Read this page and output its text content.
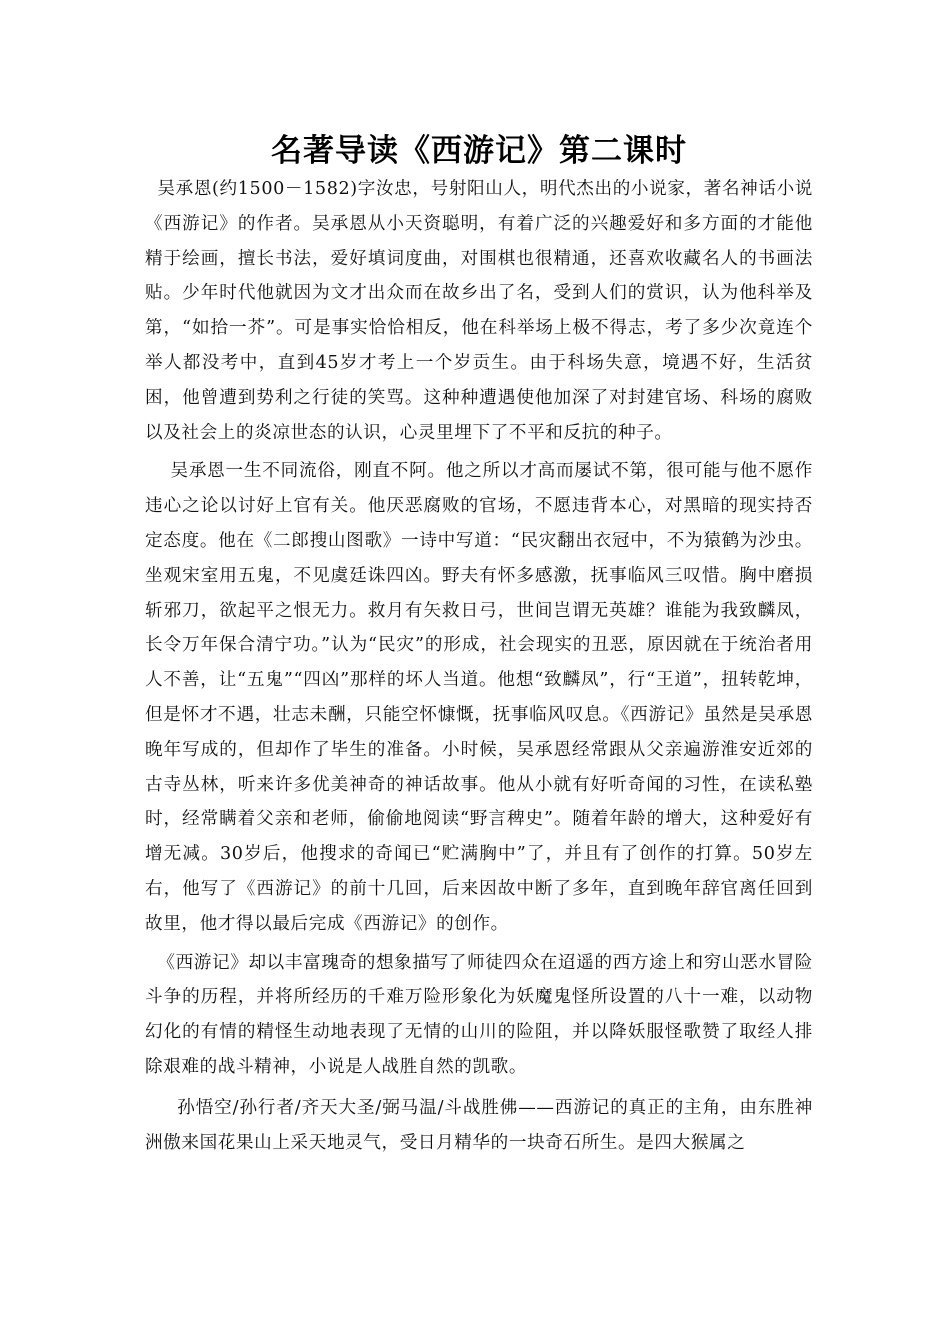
名著导读《西游记》第二课时

吴承恩(约1500－1582)字汝忠，号射阳山人，明代杰出的小说家，著名神话小说《西游记》的作者。吴承恩从小天资聪明，有着广泛的兴趣爱好和多方面的才能他精于绘画，擅长书法，爱好填词度曲，对围棋也很精通，还喜欢收藏名人的书画法贴。少年时代他就因为文才出众而在故乡出了名，受到人们的赏识，认为他科举及第，“如拾一芥”。可是事实恰恰相反，他在科举场上极不得志，考了多少次竟连个举人都没考中，直到45岁才考上一个岁贡生。由于科场失意，境遇不好，生活贫困，他曾遭到势利之行徒的笑骂。这种种遭遇使他加深了对封建官场、科场的腐败以及社会上的炎凉世态的认识，心灵里埋下了不平和反抗的种子。

吴承恩一生不同流俗，刚直不阿。他之所以才高而屡试不第，很可能与他不愿作违心之论以讨好上官有关。他厌恶腐败的官场，不愿违背本心，对黑暗的现实持否定态度。他在《二郎搜山图歌》一诗中写道：“民灾翻出衣冠中，不为猿鹤为沙虫。坐观宋室用五鬼，不见虞廷诛四凶。野夫有怀多感激，抚事临风三叹惜。胸中磨损斩邪刀，欲起平之恨无力。救月有矢救日弓，世间岂谓无英雄？谁能为我致麟凤，长令万年保合清宁功。”认为“民灾”的形成，社会现实的丑恶，原因就在于统治者用人不善，让“五鬼”“四凶”那样的坏人当道。他想“致麟凤”，行“王道”，扭转乾坤，但是怀才不遇，壮志未酬，只能空怀慷慨，抚事临风叹息。《西游记》虽然是吴承恩晚年写成的，但却作了毕生的准备。小时候，吴承恩经常跟从父亲遍游淮安近郊的古寺丛林，听来许多优美神奇的神话故事。他从小就有好听奇闻的习性，在读私塾时，经常瞒着父亲和老师，偷偷地阅读“野言稗史”。随着年龄的增大，这种爱好有增无减。30岁后，他搜求的奇闻已“贮满胸中”了，并且有了创作的打算。50岁左右，他写了《西游记》的前十几回，后来因故中断了多年，直到晚年辞官离任回到故里，他才得以最后完成《西游记》的创作。

《西游记》却以丰富瑰奇的想象描写了师徒四众在迢遥的西方途上和穷山恶水冒险斗争的历程，并将所经历的千难万险形象化为妖魔鬼怪所设置的八十一难，以动物幻化的有情的精怪生动地表现了无情的山川的险阻，并以降妖服怪歌赞了取经人排除艰难的战斗精神，小说是人战胜自然的凯歌。

孙悟空/孙行者/齐天大圣/弼马温/斗战胜佛——西游记的真正的主角，由东胜神洲傲来国花果山上采天地灵气，受日月精华的一块奇石所生。是四大猴属之
